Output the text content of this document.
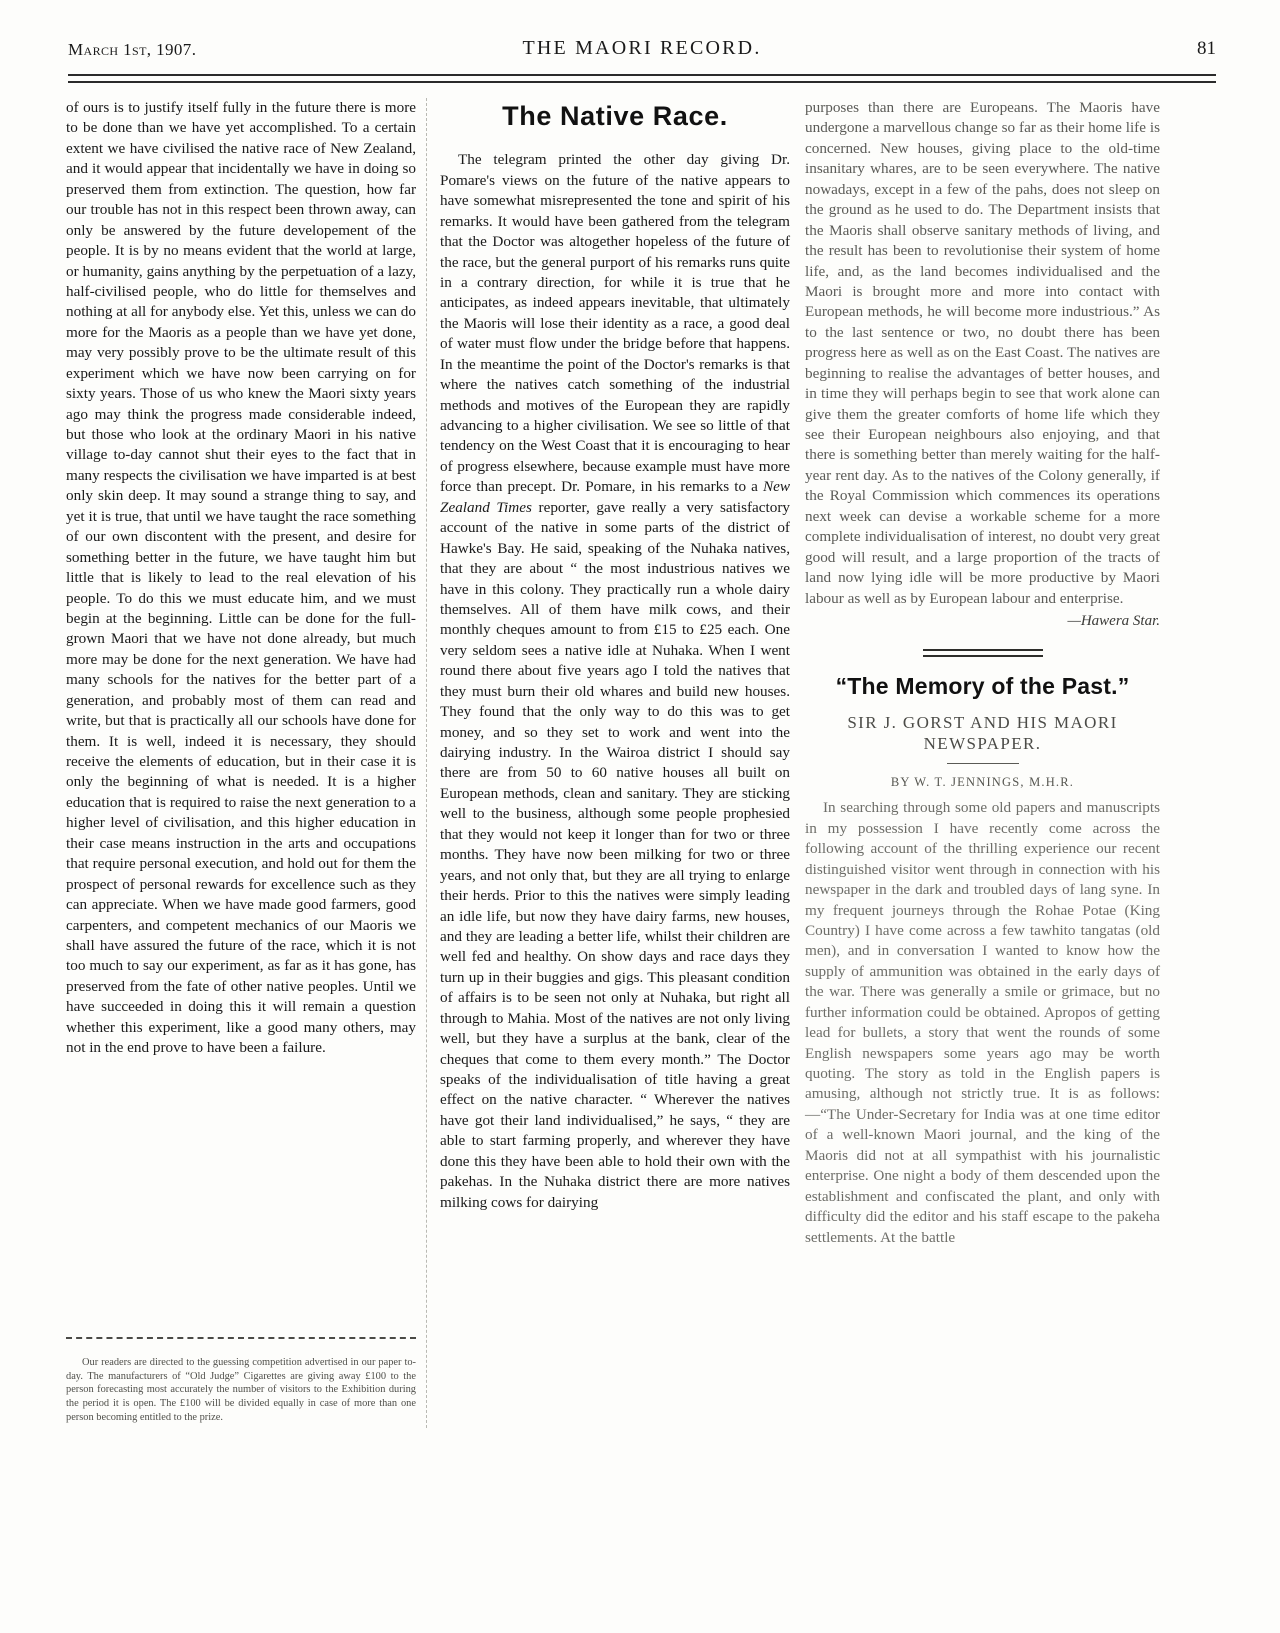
March 1st, 1907.	THE MAORI RECORD.	81

of ours is to justify itself fully in the future there is more to be done than we have yet accomplished. To a certain extent we have civilised the native race of New Zealand, and it would appear that incidentally we have in doing so preserved them from extinction. The question, how far our trouble has not in this respect been thrown away, can only be answered by the future developement of the people. It is by no means evident that the world at large, or humanity, gains anything by the perpetuation of a lazy, half-civilised people, who do little for themselves and nothing at all for anybody else. Yet this, unless we can do more for the Maoris as a people than we have yet done, may very possibly prove to be the ultimate result of this experiment which we have now been carrying on for sixty years. Those of us who knew the Maori sixty years ago may think the progress made considerable indeed, but those who look at the ordinary Maori in his native village to-day cannot shut their eyes to the fact that in many respects the civilisation we have imparted is at best only skin deep. It may sound a strange thing to say, and yet it is true, that until we have taught the race something of our own discontent with the present, and desire for something better in the future, we have taught him but little that is likely to lead to the real elevation of his people. To do this we must educate him, and we must begin at the beginning. Little can be done for the full-grown Maori that we have not done already, but much more may be done for the next generation. We have had many schools for the natives for the better part of a generation, and probably most of them can read and write, but that is practically all our schools have done for them. It is well, indeed it is necessary, they should receive the elements of education, but in their case it is only the beginning of what is needed. It is a higher education that is required to raise the next generation to a higher level of civilisation, and this higher education in their case means instruction in the arts and occupations that require personal execution, and hold out for them the prospect of personal rewards for excellence such as they can appreciate. When we have made good farmers, good carpenters, and competent mechanics of our Maoris we shall have assured the future of the race, which it is not too much to say our experiment, as far as it has gone, has preserved from the fate of other native peoples. Until we have succeeded in doing this it will remain a question whether this experiment, like a good many others, may not in the end prove to have been a failure.

Our readers are directed to the guessing competition advertised in our paper to-day. The manufacturers of “Old Judge” Cigarettes are giving away £100 to the person forecasting most accurately the number of visitors to the Exhibition during the period it is open. The £100 will be divided equally in case of more than one person becoming entitled to the prize.
The Native Race.

The telegram printed the other day giving Dr. Pomare's views on the future of the native appears to have somewhat misrepresented the tone and spirit of his remarks. It would have been gathered from the telegram that the Doctor was altogether hopeless of the future of the race, but the general purport of his remarks runs quite in a contrary direction, for while it is true that he anticipates, as indeed appears inevitable, that ultimately the Maoris will lose their identity as a race, a good deal of water must flow under the bridge before that happens. In the meantime the point of the Doctor's remarks is that where the natives catch something of the industrial methods and motives of the European they are rapidly advancing to a higher civilisation. We see so little of that tendency on the West Coast that it is encouraging to hear of progress elsewhere, because example must have more force than precept. Dr. Pomare, in his remarks to a New Zealand Times reporter, gave really a very satisfactory account of the native in some parts of the district of Hawke's Bay. He said, speaking of the Nuhaka natives, that they are about “ the most industrious natives we have in this colony. They practically run a whole dairy themselves. All of them have milk cows, and their monthly cheques amount to from £15 to £25 each. One very seldom sees a native idle at Nuhaka. When I went round there about five years ago I told the natives that they must burn their old whares and build new houses. They found that the only way to do this was to get money, and so they set to work and went into the dairying industry. In the Wairoa district I should say there are from 50 to 60 native houses all built on European methods, clean and sanitary. They are sticking well to the business, although some people prophesied that they would not keep it longer than for two or three months. They have now been milking for two or three years, and not only that, but they are all trying to enlarge their herds. Prior to this the natives were simply leading an idle life, but now they have dairy farms, new houses, and they are leading a better life, whilst their children are well fed and healthy. On show days and race days they turn up in their buggies and gigs. This pleasant condition of affairs is to be seen not only at Nuhaka, but right all through to Mahia. Most of the natives are not only living well, but they have a surplus at the bank, clear of the cheques that come to them every month.” The Doctor speaks of the individualisation of title having a great effect on the native character. “ Wherever the natives have got their land individualised,” he says, “ they are able to start farming properly, and wherever they have done this they have been able to hold their own with the pakehas. In the Nuhaka district there are more natives milking cows for dairying

purposes than there are Europeans. The Maoris have undergone a marvellous change so far as their home life is concerned. New houses, giving place to the old-time insanitary whares, are to be seen everywhere. The native nowadays, except in a few of the pahs, does not sleep on the ground as he used to do. The Department insists that the Maoris shall observe sanitary methods of living, and the result has been to revolutionise their system of home life, and, as the land becomes individualised and the Maori is brought more and more into contact with European methods, he will become more industrious.” As to the last sentence or two, no doubt there has been progress here as well as on the East Coast. The natives are beginning to realise the advantages of better houses, and in time they will perhaps begin to see that work alone can give them the greater comforts of home life which they see their European neighbours also enjoying, and that there is something better than merely waiting for the half-year rent day. As to the natives of the Colony generally, if the Royal Commission which commences its operations next week can devise a workable scheme for a more complete individualisation of interest, no doubt very great good will result, and a large proportion of the tracts of land now lying idle will be more productive by Maori labour as well as by European labour and enterprise.

—Hawera Star.
“The Memory of the Past.”
SIR J. GORST AND HIS MAORI NEWSPAPER.
BY W. T. JENNINGS, M.H.R.

In searching through some old papers and manuscripts in my possession I have recently come across the following account of the thrilling experience our recent distinguished visitor went through in connection with his newspaper in the dark and troubled days of lang syne. In my frequent journeys through the Rohae Potae (King Country) I have come across a few tawhito tangatas (old men), and in conversation I wanted to know how the supply of ammunition was obtained in the early days of the war. There was generally a smile or grimace, but no further information could be obtained. Apropos of getting lead for bullets, a story that went the rounds of some English newspapers some years ago may be worth quoting. The story as told in the English papers is amusing, although not strictly true. It is as follows:—“The Under-Secretary for India was at one time editor of a well-known Maori journal, and the king of the Maoris did not at all sympathist with his journalistic enterprise. One night a body of them descended upon the establishment and confiscated the plant, and only with difficulty did the editor and his staff escape to the pakeha settlements. At the battle
